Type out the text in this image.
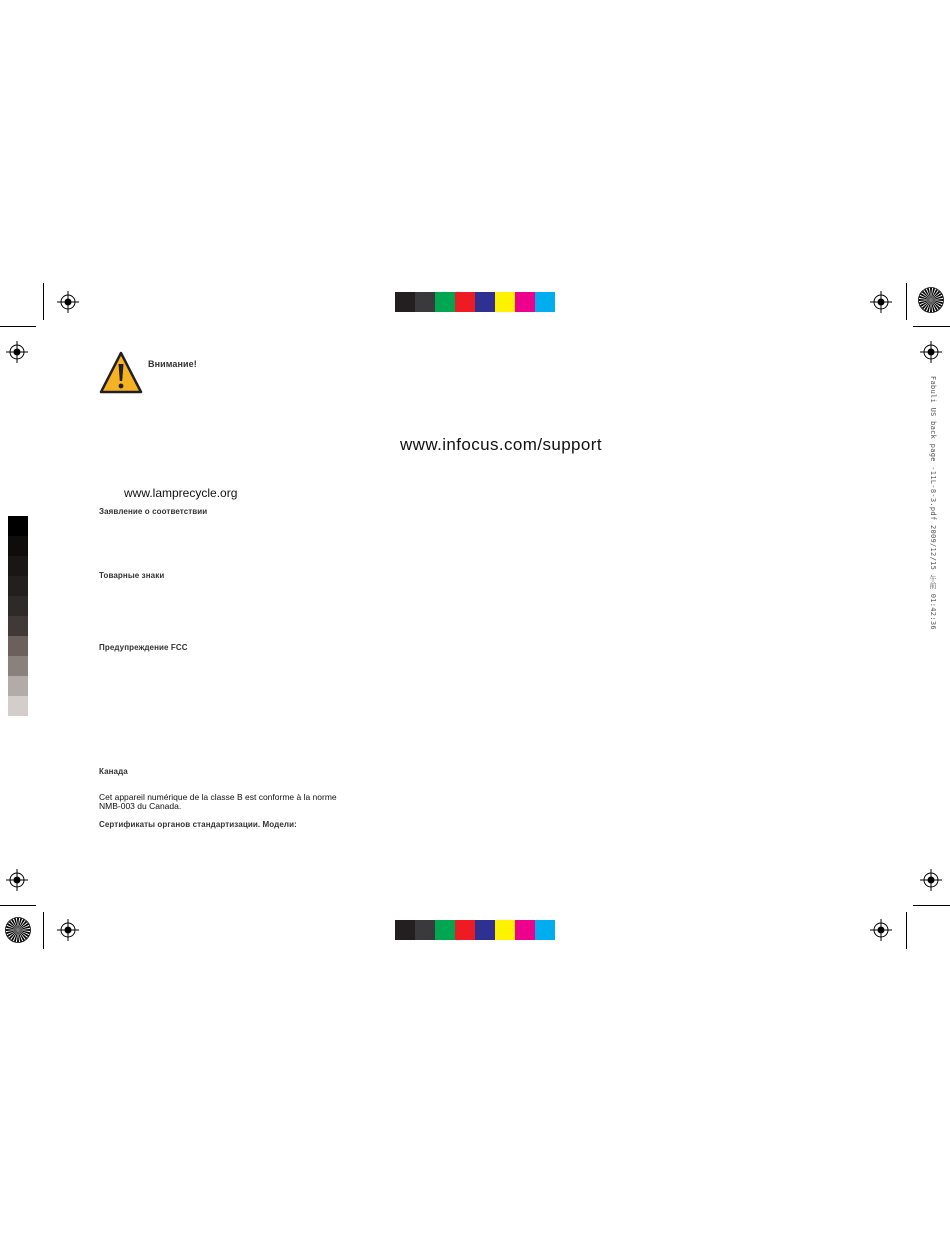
Внимание!
www.infocus.com/support
www.lamprecycle.org
Заявление о соответствии
Товарные знаки
Предупреждение FCC
Канада
Cet appareil numérique de la classe B est conforme à la norme
NMB-003 du Canada.
Сертификаты органов стандартизации. Модели:
Fabuli US back page -11L-8-3.pdf 2009/12/15 午前 01:42:36
